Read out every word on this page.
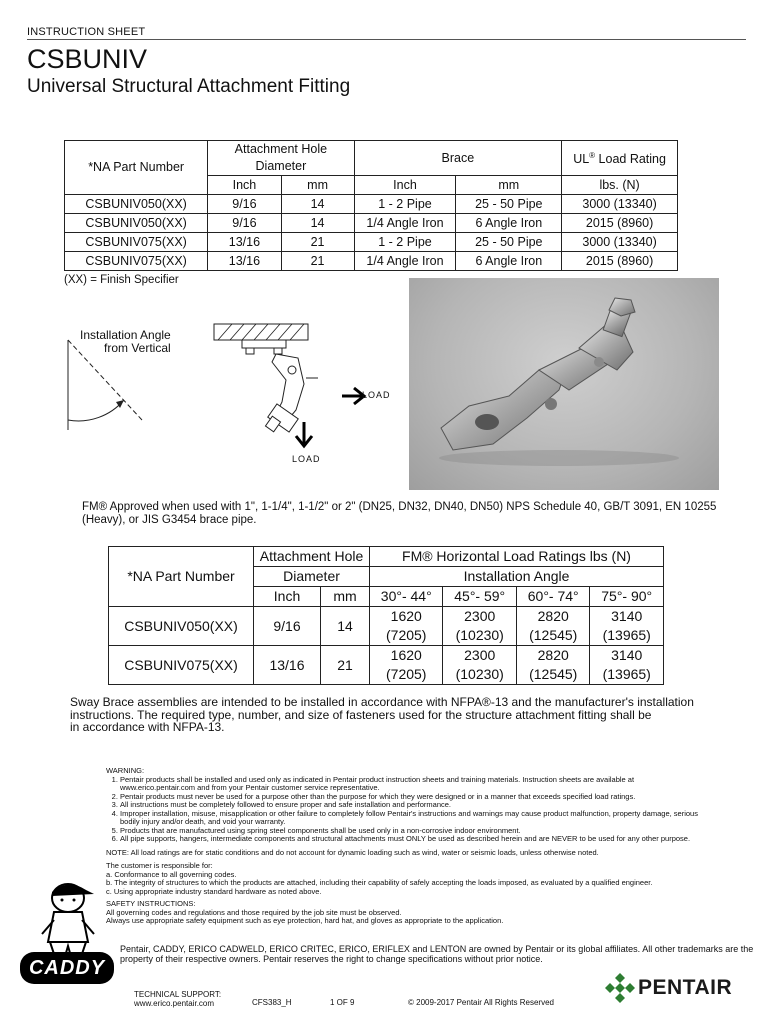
INSTRUCTION SHEET
CSBUNIV
Universal Structural Attachment Fitting
*NA Part Number	Attachment Hole Diameter		Brace		UL® Load Rating
	Inch	mm	Inch	mm	lbs. (N)
CSBUNIV050(XX)	9/16	14	1 - 2 Pipe	25 - 50 Pipe	3000 (13340)
CSBUNIV050(XX)	9/16	14	1/4 Angle Iron	6 Angle Iron	2015 (8960)
CSBUNIV075(XX)	13/16	21	1 - 2 Pipe	25 - 50 Pipe	3000 (13340)
CSBUNIV075(XX)	13/16	21	1/4 Angle Iron	6 Angle Iron	2015 (8960)
(XX) = Finish Specifier
Installation Angle
from Vertical
LOAD
LOAD
FM® Approved when used with 1", 1-1/4", 1-1/2" or 2" (DN25, DN32, DN40, DN50) NPS Schedule 40, GB/T 3091, EN 10255 (Heavy), or JIS G3454 brace pipe.
*NA Part Number	Attachment Hole		FM® Horizontal Load Ratings lbs (N)			
	Diameter		Installation Angle			
	Inch	mm	30°- 44°	45°- 59°	60°- 74°	75°- 90°
CSBUNIV050(XX)	9/16	14	1620	2300	2820	3140
			(7205)	(10230)	(12545)	(13965)
CSBUNIV075(XX)	13/16	21	1620	2300	2820	3140
			(7205)	(10230)	(12545)	(13965)
Sway Brace assemblies are intended to be installed in accordance with NFPA®-13 and the manufacturer's installation instructions. The required type, number, and size of fasteners used for the structure attachment fitting shall be
in accordance with NFPA-13.
WARNING:
1. Pentair products shall be installed and used only as indicated in Pentair product instruction sheets and training materials. Instruction sheets are available at www.erico.pentair.com and from your Pentair customer service representative.
2. Pentair products must never be used for a purpose other than the purpose for which they were designed or in a manner that exceeds specified load ratings.
3. All instructions must be completely followed to ensure proper and safe installation and performance.
4. Improper installation, misuse, misapplication or other failure to completely follow Pentair's instructions and warnings may cause product malfunction, property damage, serious bodily injury and/or death, and void your warranty.
5. Products that are manufactured using spring steel components shall be used only in a non-corrosive indoor environment.
6. All pipe supports, hangers, intermediate components and structural attachments must ONLY be used as described herein and are NEVER to be used for any other purpose.
NOTE: All load ratings are for static conditions and do not account for dynamic loading such as wind, water or seismic loads, unless otherwise noted.
The customer is responsible for:
a. Conformance to all governing codes.
b. The integrity of structures to which the products are attached, including their capability of safely accepting the loads imposed, as evaluated by a qualified engineer.
c. Using appropriate industry standard hardware as noted above.
SAFETY INSTRUCTIONS:
All governing codes and regulations and those required by the job site must be observed.
Always use appropriate safety equipment such as eye protection, hard hat, and gloves as appropriate to the application.
CADDY
Pentair, CADDY, ERICO CADWELD, ERICO CRITEC, ERICO, ERIFLEX and LENTON are owned by Pentair or its global affiliates. All other trademarks are the property of their respective owners. Pentair reserves the right to change specifications without prior notice.
TECHNICAL SUPPORT:
www.erico.pentair.com	CFS383_H	1 OF 9	© 2009-2017 Pentair All Rights Reserved
PENTAIR
